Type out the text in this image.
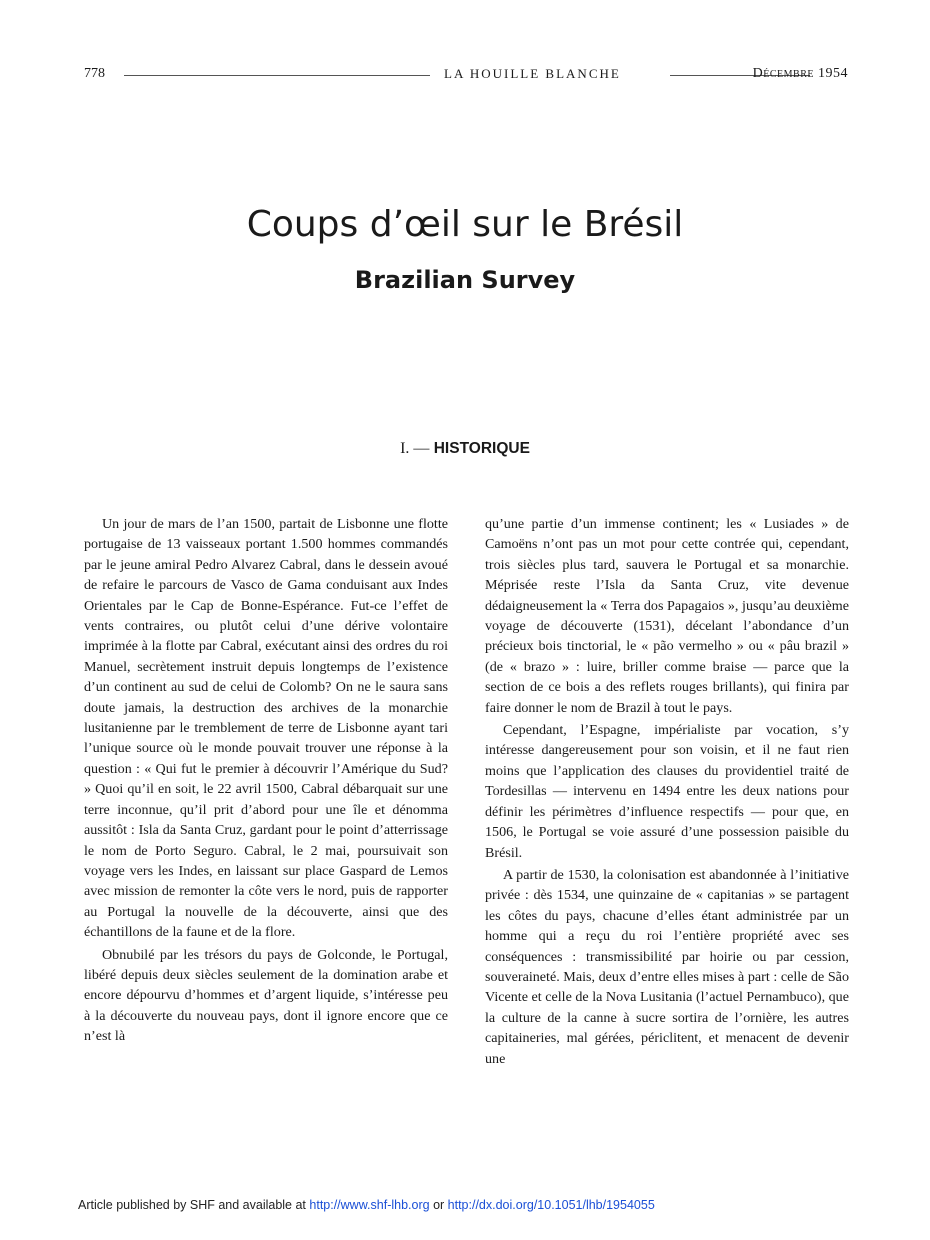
778	LA HOUILLE BLANCHE	Décembre 1954
Coups d’œil sur le Brésil
Brazilian Survey
I. — HISTORIQUE

Un jour de mars de l’an 1500, partait de Lisbonne une flotte portugaise de 13 vaisseaux portant 1.500 hommes commandés par le jeune amiral Pedro Alvarez Cabral, dans le dessein avoué de refaire le parcours de Vasco de Gama conduisant aux Indes Orientales par le Cap de Bonne-Espérance. Fut-ce l’effet de vents contraires, ou plutôt celui d’une dérive volontaire imprimée à la flotte par Cabral, exécutant ainsi des ordres du roi Manuel, secrètement instruit depuis longtemps de l’existence d’un continent au sud de celui de Colomb? On ne le saura sans doute jamais, la destruction des archives de la monarchie lusitanienne par le tremblement de terre de Lisbonne ayant tari l’unique source où le monde pouvait trouver une réponse à la question : « Qui fut le premier à découvrir l’Amérique du Sud? » Quoi qu’il en soit, le 22 avril 1500, Cabral débarquait sur une terre inconnue, qu’il prit d’abord pour une île et dénomma aussitôt : Isla da Santa Cruz, gardant pour le point d’atterrissage le nom de Porto Seguro. Cabral, le 2 mai, poursuivait son voyage vers les Indes, en laissant sur place Gaspard de Lemos avec mission de remonter la côte vers le nord, puis de rapporter au Portugal la nouvelle de la découverte, ainsi que des échantillons de la faune et de la flore.

Obnubilé par les trésors du pays de Golconde, le Portugal, libéré depuis deux siècles seulement de la domination arabe et encore dépourvu d’hommes et d’argent liquide, s’intéresse peu à la découverte du nouveau pays, dont il ignore encore que ce n’est là

qu’une partie d’un immense continent; les « Lusiades » de Camoëns n’ont pas un mot pour cette contrée qui, cependant, trois siècles plus tard, sauvera le Portugal et sa monarchie. Méprisée reste l’Isla da Santa Cruz, vite devenue dédaigneusement la « Terra dos Papagaios », jusqu’au deuxième voyage de découverte (1531), décelant l’abondance d’un précieux bois tinctorial, le « pão vermelho » ou « pâu brazil » (de « brazo » : luire, briller comme braise — parce que la section de ce bois a des reflets rouges brillants), qui finira par faire donner le nom de Brazil à tout le pays.

Cependant, l’Espagne, impérialiste par vocation, s’y intéresse dangereusement pour son voisin, et il ne faut rien moins que l’application des clauses du providentiel traité de Tordesillas — intervenu en 1494 entre les deux nations pour définir les périmètres d’influence respectifs — pour que, en 1506, le Portugal se voie assuré d’une possession paisible du Brésil.

A partir de 1530, la colonisation est abandonnée à l’initiative privée : dès 1534, une quinzaine de « capitanias » se partagent les côtes du pays, chacune d’elles étant administrée par un homme qui a reçu du roi l’entière propriété avec ses conséquences : transmissibilité par hoirie ou par cession, souveraineté. Mais, deux d’entre elles mises à part : celle de São Vicente et celle de la Nova Lusitania (l’actuel Pernambuco), que la culture de la canne à sucre sortira de l’ornière, les autres capitaineries, mal gérées, périclitent, et menacent de devenir une

Article published by SHF and available at http://www.shf-lhb.org or http://dx.doi.org/10.1051/lhb/1954055
